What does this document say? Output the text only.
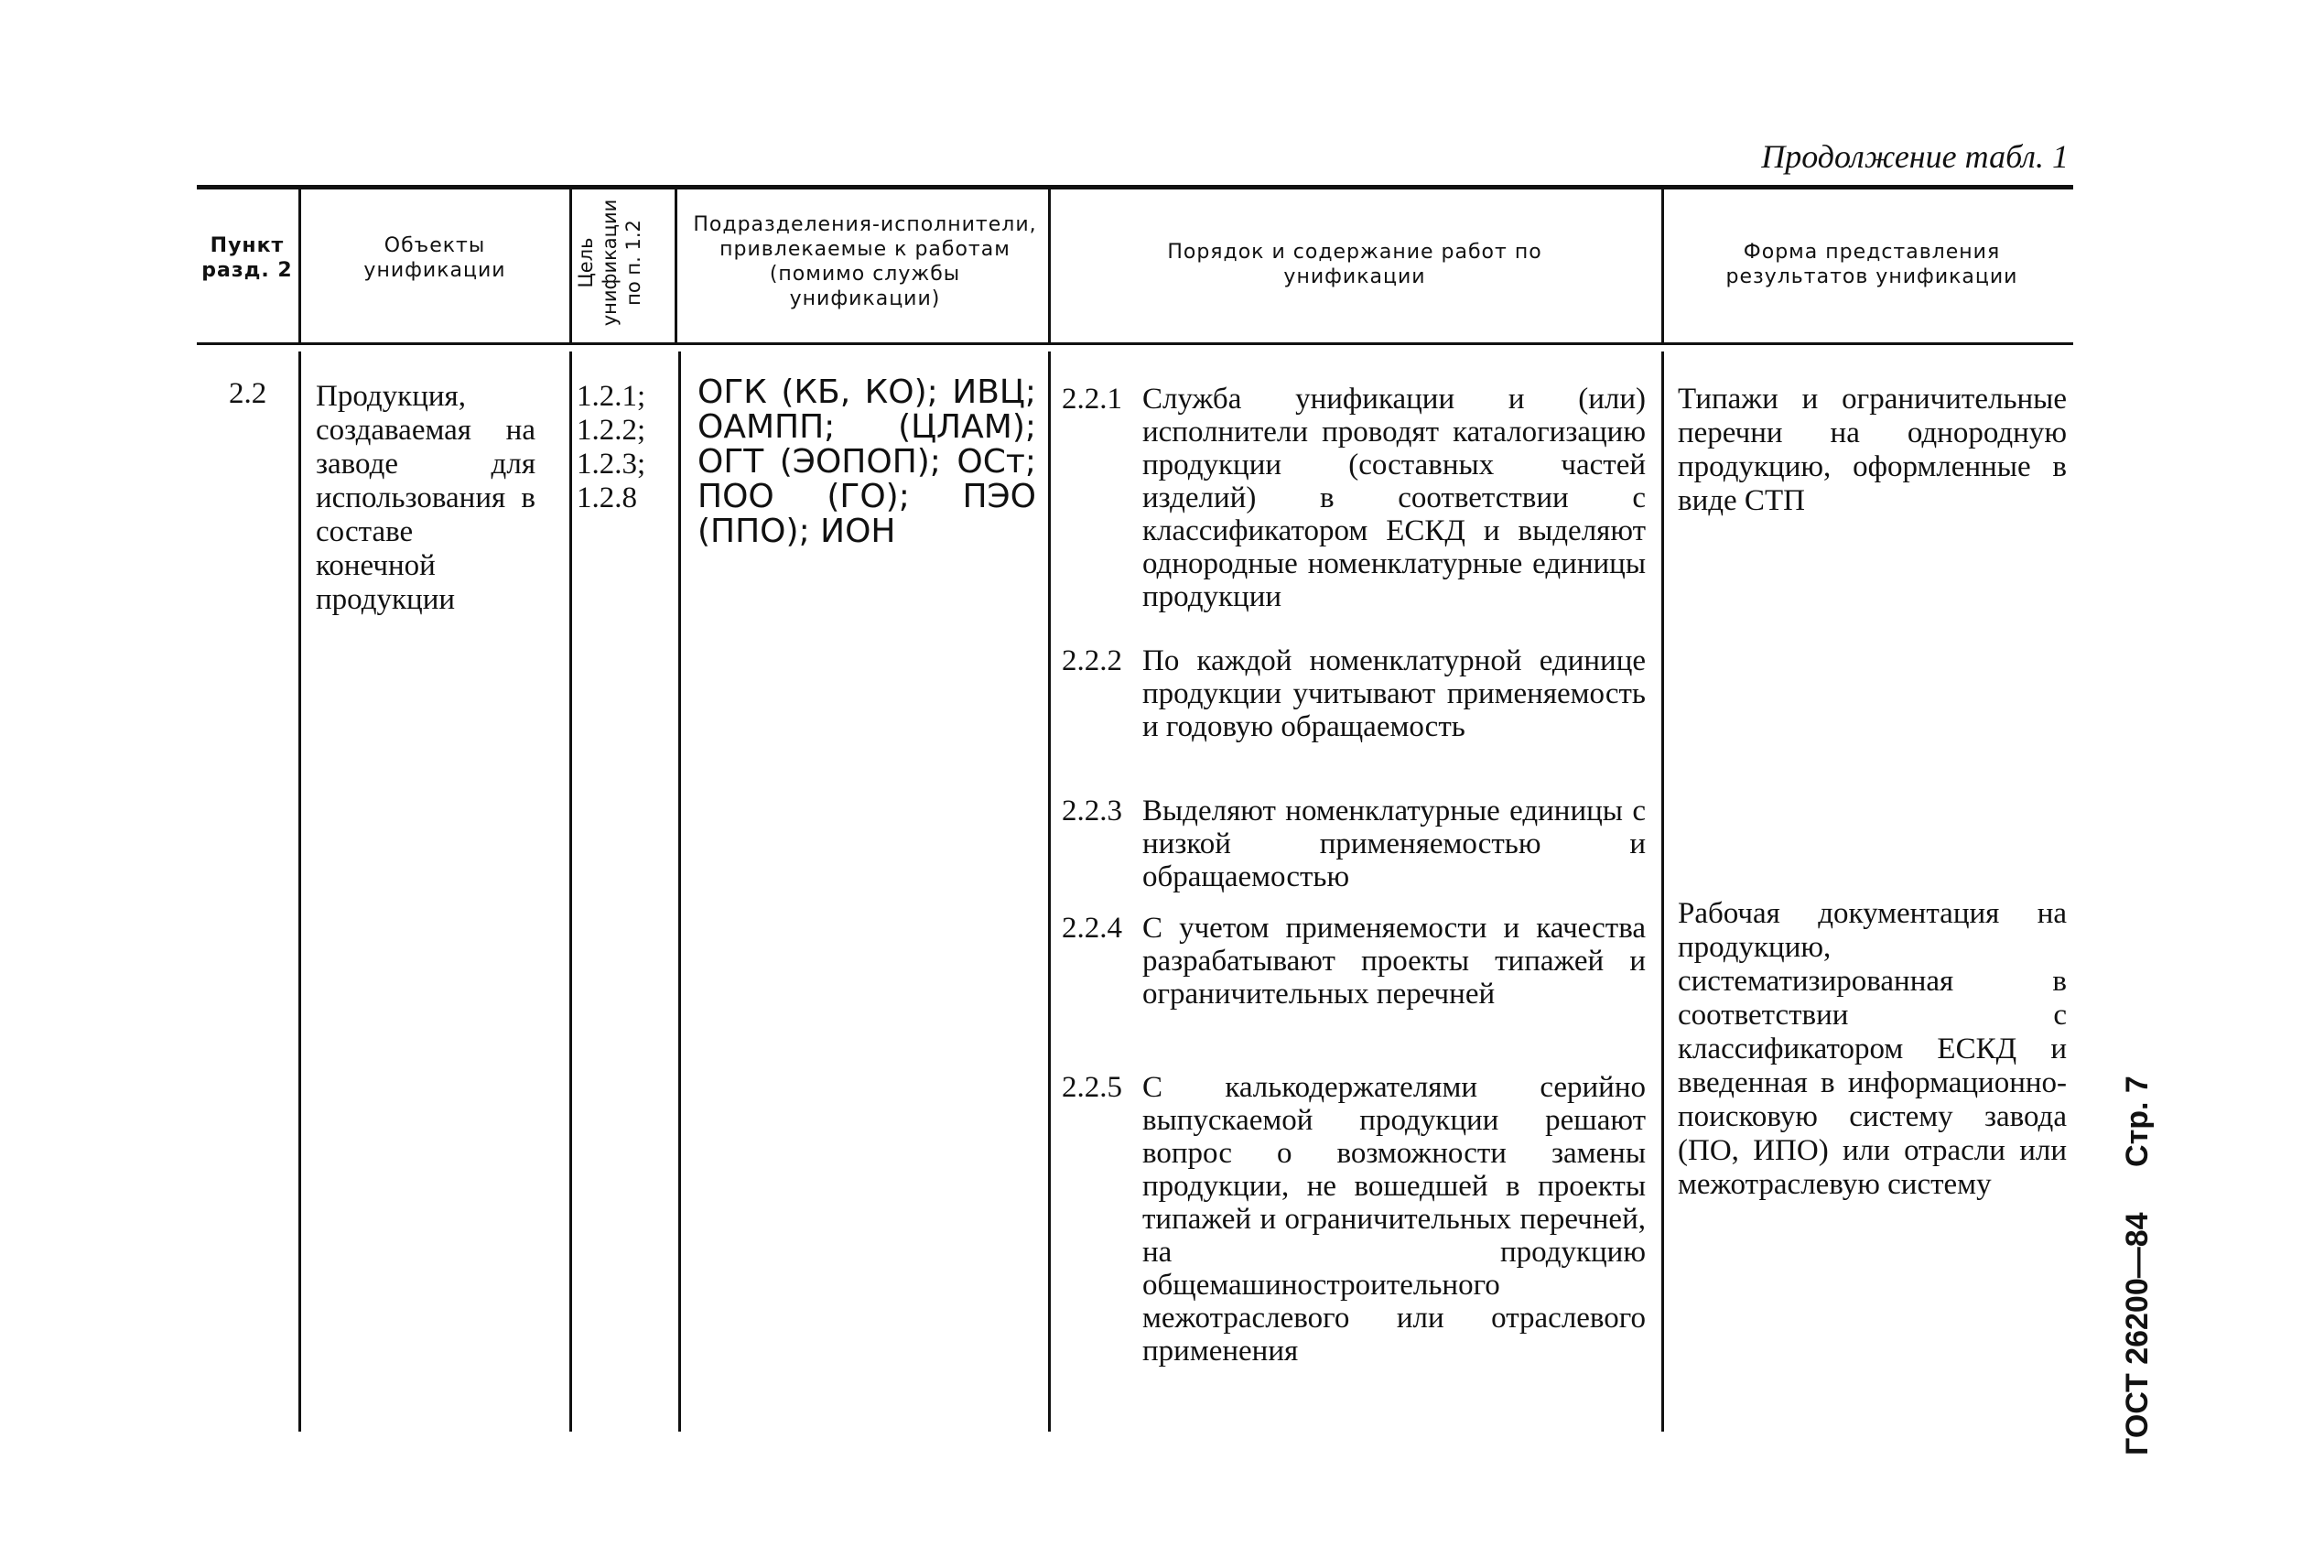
Продолжение табл. 1
Пункт разд. 2
Объекты унификации	Цель унификации по п. 1.2	Подразделения-исполнители, привлекаемые к работам (помимо службы унификации)
Порядок и содержание работ по унификации
Форма представления результатов унификации
2.2 Продукция, создаваемая на заводе для использования в составе конечной продукции
1.2.1;
1.2.2;
1.2.3;
1.2.8
ОГК (КБ, КО); ИВЦ; ОАМПП; (ЦЛАМ); ОГТ (ЭОПОП); ОСт; ПОО (ГО); ПЭО (ППО); ИОН
2.2.1 Служба унификации и (или) исполнители проводят каталогизацию продукции (составных частей изделий) в соответствии с классификатором ЕСКД и выделяют однородные номенклатурные единицы продукции
2.2.2 По каждой номенклатурной единице продукции учитывают применяемость и годовую обращаемость
2.2.3 Выделяют номенклатурные единицы с низкой применяемостью и обращаемостью
2.2.4 С учетом применяемости и качества разрабатывают проекты типажей и ограничительных перечней
2.2.5 С калькодержателями серийно выпускаемой продукции решают вопрос о возможности замены продукции, не вошедшей в проекты типажей и ограничительных перечней, на продукцию общемашиностроительного межотраслевого или отраслевого применения
Типажи и ограничительные перечни на однородную продукцию, оформленные в виде СТП
Рабочая документация на продукцию, систематизированная в соответствии с классификатором ЕСКД и введенная в информационно-поисковую систему завода (ПО, ИПО) или отрасли или межотраслевую систему
ГОСТ 26200—84 Стр. 7
